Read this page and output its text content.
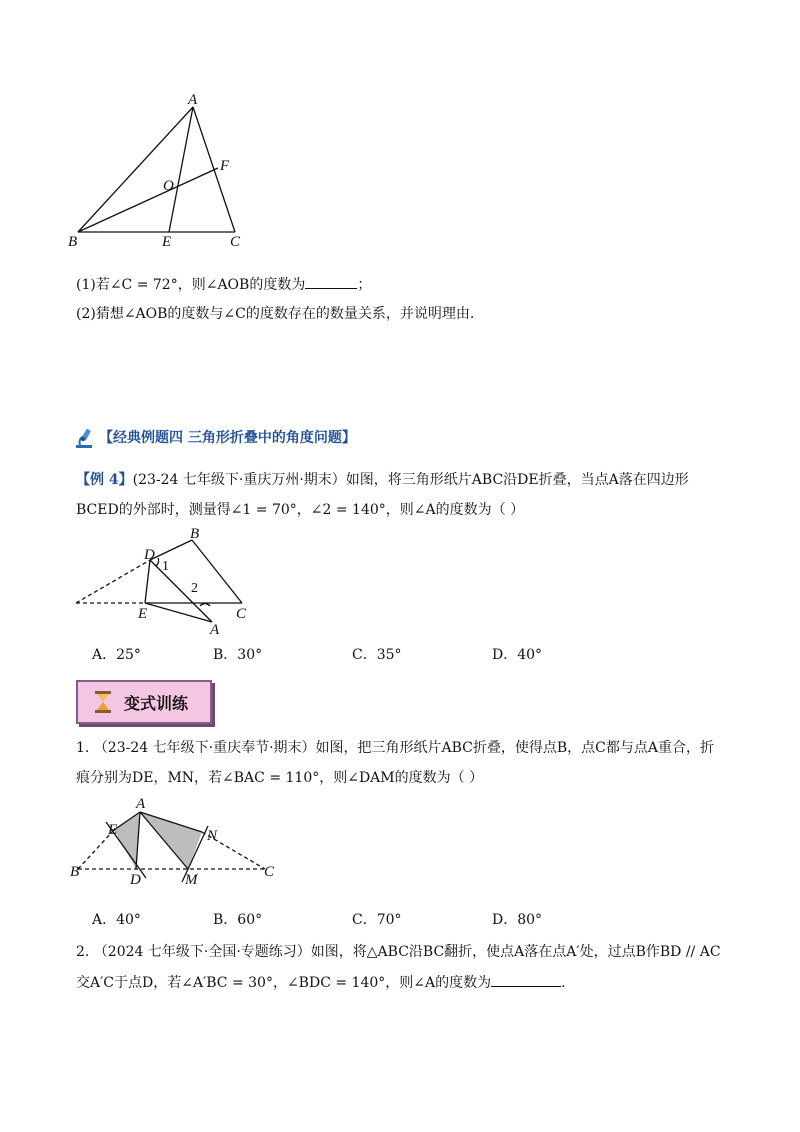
A
B	C
E
F
O
(1)若∠C = 72°，则∠AOB的度数为	；
(2)猜想∠AOB的度数与∠C的度数存在的数量关系，并说明理由.
【经典例题四 三角形折叠中的角度问题】
【例 4】(23-24 七年级下·重庆万州·期末）如图，将三角形纸片ABC沿DE折叠，当点A落在四边形
BCED的外部时，测量得∠1 = 70°，∠2 = 140°，则∠A的度数为（ ）
D
B
E	C
A
1
2
A．25°	B．30°	C．35°	D．40°
变式训练
1. （23-24 七年级下·重庆奉节·期末）如图，把三角形纸片ABC折叠，使得点B，点C都与点A重合，折
痕分别为DE，MN，若∠BAC = 110°，则∠DAM的度数为（ ）
A
E	N
B	D	M	C
A．40°	B．60°	C．70°	D．80°
2. （2024 七年级下·全国·专题练习）如图，将△ABC沿BC翻折，使点A落在点A′处，过点B作BD // AC
交A′C于点D，若∠A′BC = 30°，∠BDC = 140°，则∠A的度数为	.
